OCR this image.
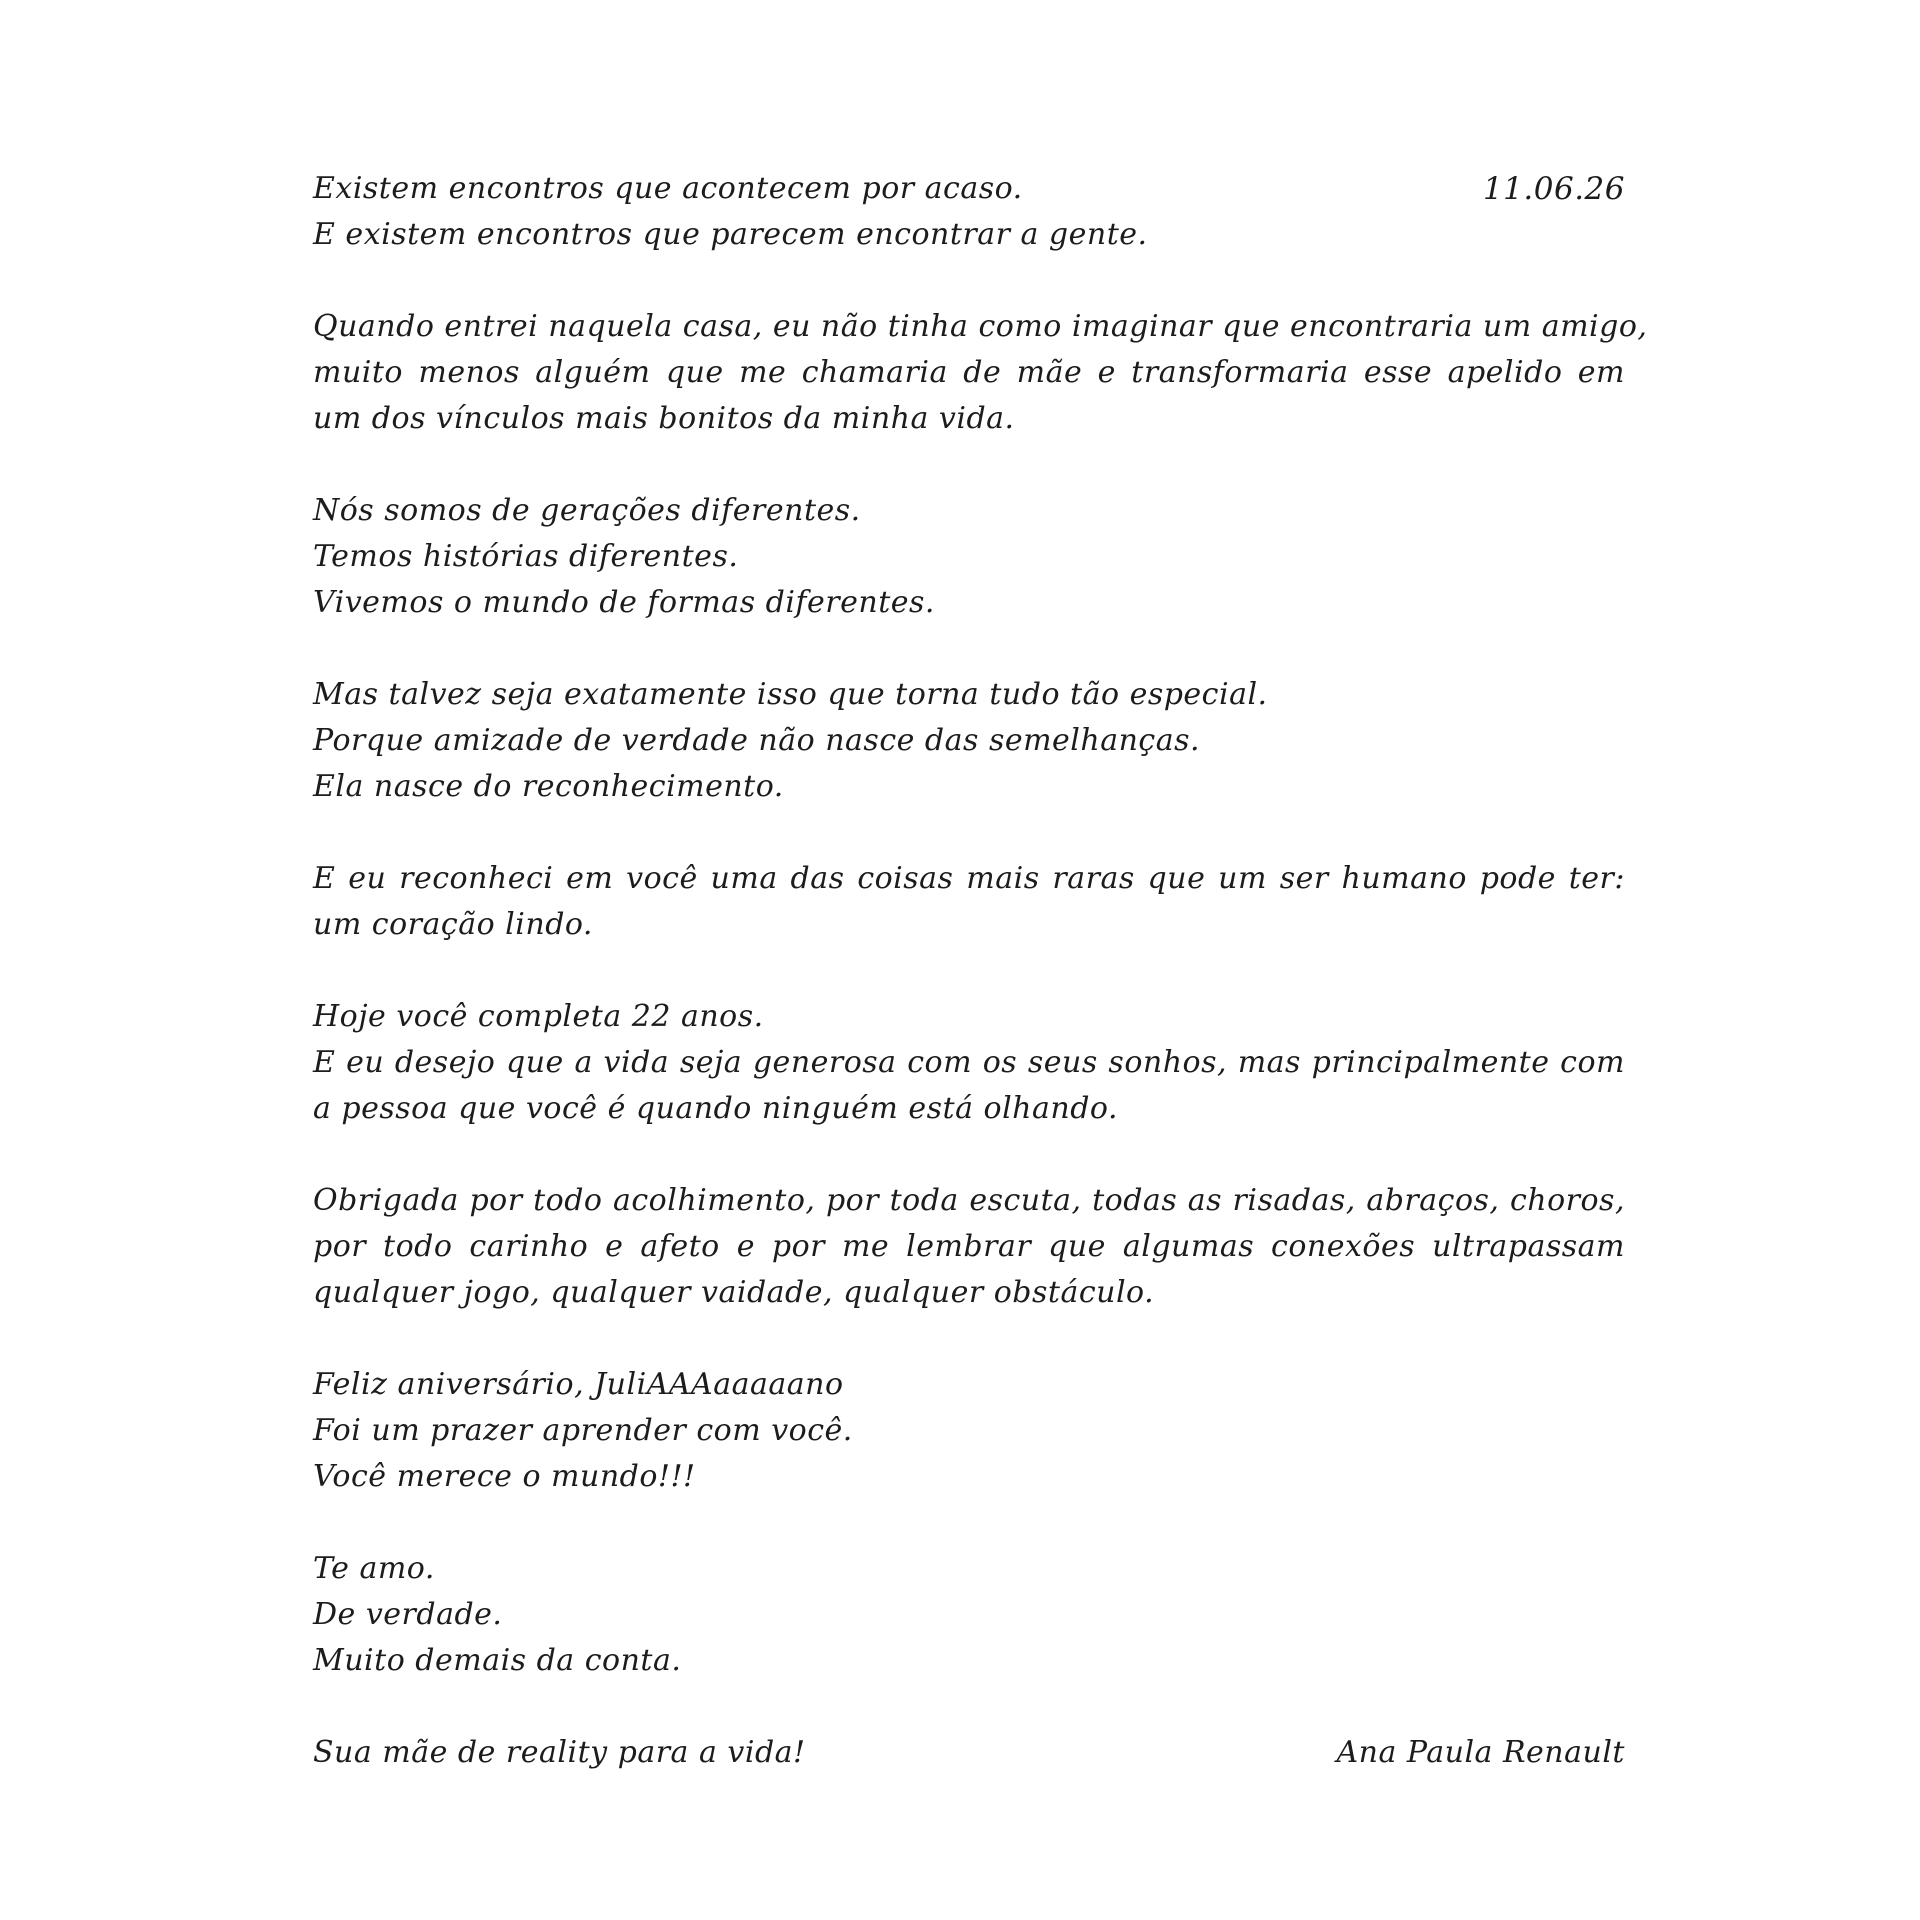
11.06.26
Existem encontros que acontecem por acaso.
E existem encontros que parecem encontrar a gente.
Quando entrei naquela casa, eu não tinha como imaginar que encontraria um amigo,
muito menos alguém que me chamaria de mãe e transformaria esse apelido em
um dos vínculos mais bonitos da minha vida.
Nós somos de gerações diferentes.
Temos histórias diferentes.
Vivemos o mundo de formas diferentes.
Mas talvez seja exatamente isso que torna tudo tão especial.
Porque amizade de verdade não nasce das semelhanças.
Ela nasce do reconhecimento.
E eu reconheci em você uma das coisas mais raras que um ser humano pode ter:
um coração lindo.
Hoje você completa 22 anos.
E eu desejo que a vida seja generosa com os seus sonhos, mas principalmente com
a pessoa que você é quando ninguém está olhando.
Obrigada por todo acolhimento, por toda escuta, todas as risadas, abraços, choros,
por todo carinho e afeto e por me lembrar que algumas conexões ultrapassam
qualquer jogo, qualquer vaidade, qualquer obstáculo.
Feliz aniversário, JuliAAAaaaaano
Foi um prazer aprender com você.
Você merece o mundo!!!
Te amo.
De verdade.
Muito demais da conta.
Sua mãe de reality para a vida!	Ana Paula Renault
